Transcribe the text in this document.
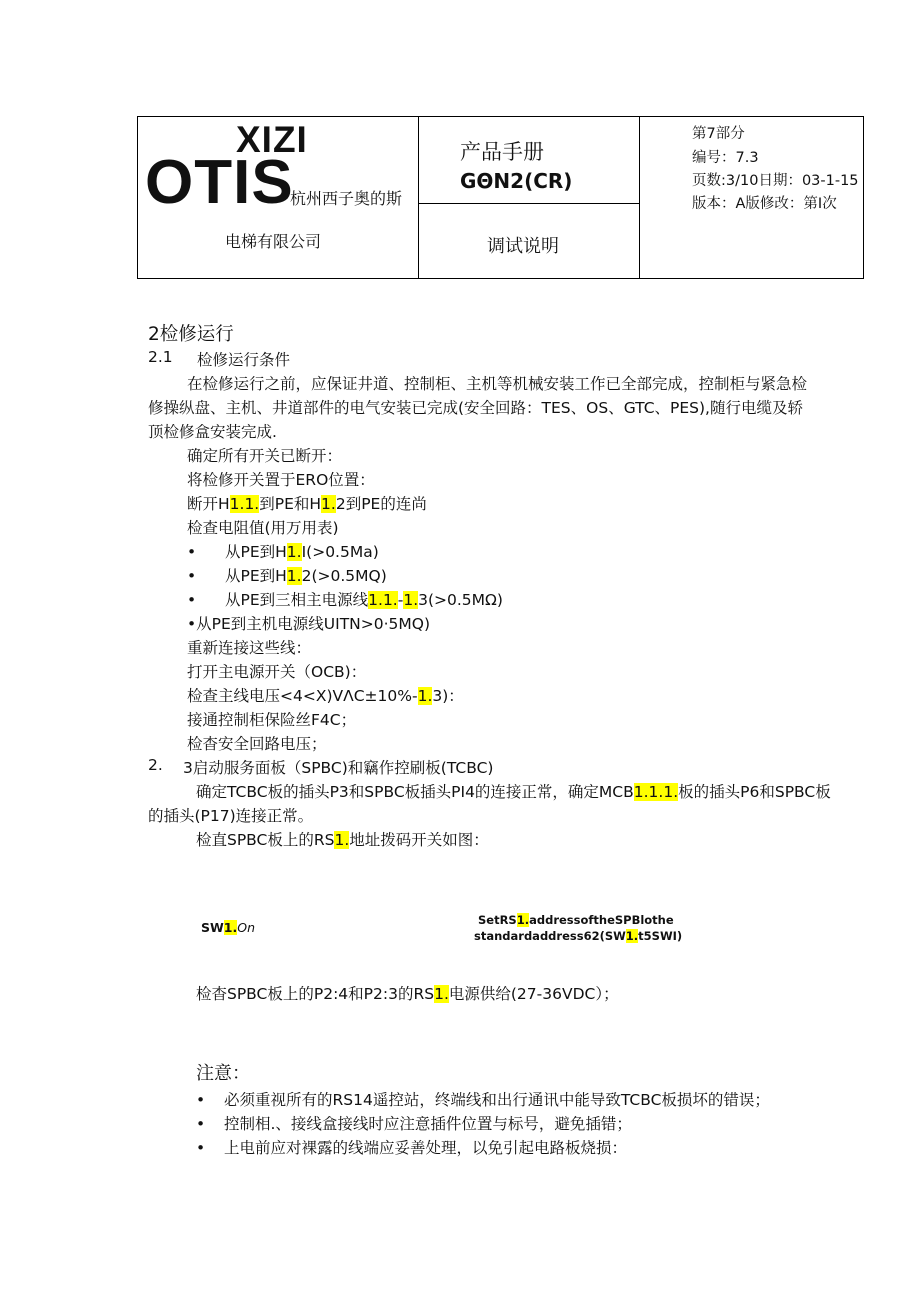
XIZI
OTIS
杭州西子奥的斯
电梯有限公司
产品手册
GΘN2(CR)
调试说明
第7部分
编号：7.3
页数:3/10日期：03-1-15
版本：A版修改：第I次
2检修运行
2.1 检修运行条件
在检修运行之前，应保证井道、控制柜、主机等机械安装工作已全部完成，控制柜与紧急检
修操纵盘、主机、井道部件的电气安装已完成(安全回路：TES、OS、GTC、PES),随行电缆及轿
顶检修盒安装完成.
确定所有开关已断开：
将检修开关置于ERO位置：
断开H1.1.到PE和H1.2到PE的连尚
检查电阻值(用万用表)
• 从PE到H1.I(>0.5Ma)
• 从PE到H1.2(>0.5MQ)
• 从PE到三相主电源线1.1.-1.3(>0.5MΩ)
•从PE到主机电源线UITN>0·5MQ)
重新连接这些线：
打开主电源开关（OCB)：
检查主线电压<4<X)VΛC±10%-1.3)：
接通控制柜保险丝F4C；
检杳安全回路电压；
2. 3启动服务面板（SPBC)和竊作控刷板(TCBC)
确定TCBC板的插头P3和SPBC板插头PI4的连接正常，确定MCB1.1.1.板的插头P6和SPBC板
的插头(P17)连接正常。
检直SPBC板上的RS1.地址拨码开关如图：
SW1.On	SetRS1.addressoftheSPBlothe
standardaddress62(SW1.t5SWI)
检杳SPBC板上的P2:4和P2:3的RS1.电源供给(27-36VDC）；
注意：
• 必须重视所有的RS14遥控站，终端线和出行通讯中能导致TCBC板损坏的错误；
• 控制相.、接线盒接线时应注意插件位置与标号，避免插错；
• 上电前应对裸露的线端应妥善处理，以免引起电路板烧损：
